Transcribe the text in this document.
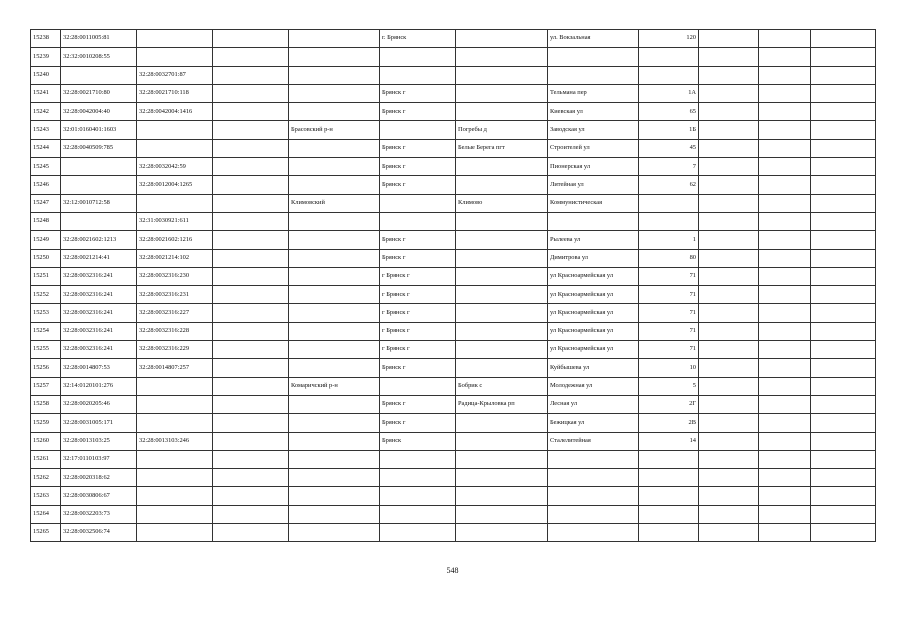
15238	32:28:0011005:81				г. Брянск		ул. Вокзальная	120			
15239	32:32:0010208:55										
15240		32:28:0032701:87									
15241	32:28:0021710:80	32:28:0021710:118			Брянск г		Тельмана пер	1А			
15242	32:28:0042004:40	32:28:0042004:1416			Брянск г		Киевская ул	65			
15243	32:01:0160401:1603			Брасовский р-н		Погребы д	Заводская ул	1Б			
15244	32:28:0040509:785				Брянск г	Белые Берега пгт	Строителей ул	45			
15245		32:28:0032042:59			Брянск г		Пионерская ул	7			
15246		32:28:0012004:1265			Брянск г		Литейная ул	62			
15247	32:12:0010712:58			Климовский		Климово	Коммунистическая				
15248		32:31:0030921:611									
15249	32:28:0021602:1213	32:28:0021602:1216			Брянск г		Рылеева ул	1			
15250	32:28:0021214:41	32:28:0021214:102			Брянск г		Димитрова ул	80			
15251	32:28:0032316:241	32:28:0032316:230			г Брянск г		ул Красноармейская ул	71			
15252	32:28:0032316:241	32:28:0032316:231			г Брянск г		ул Красноармейская ул	71			
15253	32:28:0032316:241	32:28:0032316:227			г Брянск г		ул Красноармейская ул	71			
15254	32:28:0032316:241	32:28:0032316:228			г Брянск г		ул Красноармейская ул	71			
15255	32:28:0032316:241	32:28:0032316:229			г Брянск г		ул Красноармейская ул	71			
15256	32:28:0014807:53	32:28:0014807:257			Брянск г		Куйбышева ул	10			
15257	32:14:0120101:276			Комаричский р-н		Бобрик с	Молодежная ул	5			
15258	32:28:0020205:46				Брянск г	Радица-Крыловка рп	Лесная ул	2Г			
15259	32:28:0031005:171				Брянск г		Бежицкая ул	2В			
15260	32:28:0013103:25	32:28:0013103:246			Брянск		Сталелитейная	14			
15261	32:17:0110103:97										
15262	32:28:0020318:62										
15263	32:28:0030806:67										
15264	32:28:0032203:73										
15265	32:28:0032506:74										
548
